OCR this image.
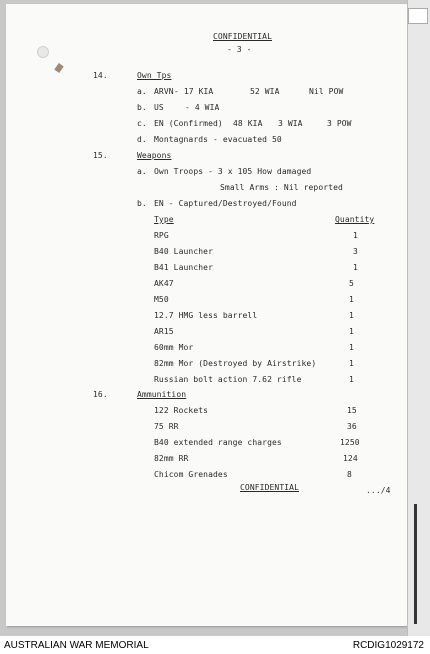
CONFIDENTIAL
- 3 -
14.	Own Tps
a. ARVN - 17 KIA	52 WIA	Nil POW
b. US	- 4 WIA
c. EN (Confirmed) 48 KIA 3 WIA	3 POW
d. Montagnards - evacuated 50
15.	Weapons
a. Own Troops - 3 x 105 How damaged
Small Arms : Nil reported
b. EN - Captured/Destroyed/Found
Type	Quantity
RPG	1
B40 Launcher	3
B41 Launcher	1
AK47	5
M50	1
12.7 HMG less barrell	1
AR15	1
60mm Mor	1
82mm Mor (Destroyed by Airstrike)	1
Russian bolt action 7.62 rifle	1
16.	Ammunition
122 Rockets	15
75 RR	36
B40 extended range charges	1250
82mm RR	124
Chicom Grenades	8
CONFIDENTIAL	.../4
AUSTRALIAN WAR MEMORIAL	RCDIG1029172
